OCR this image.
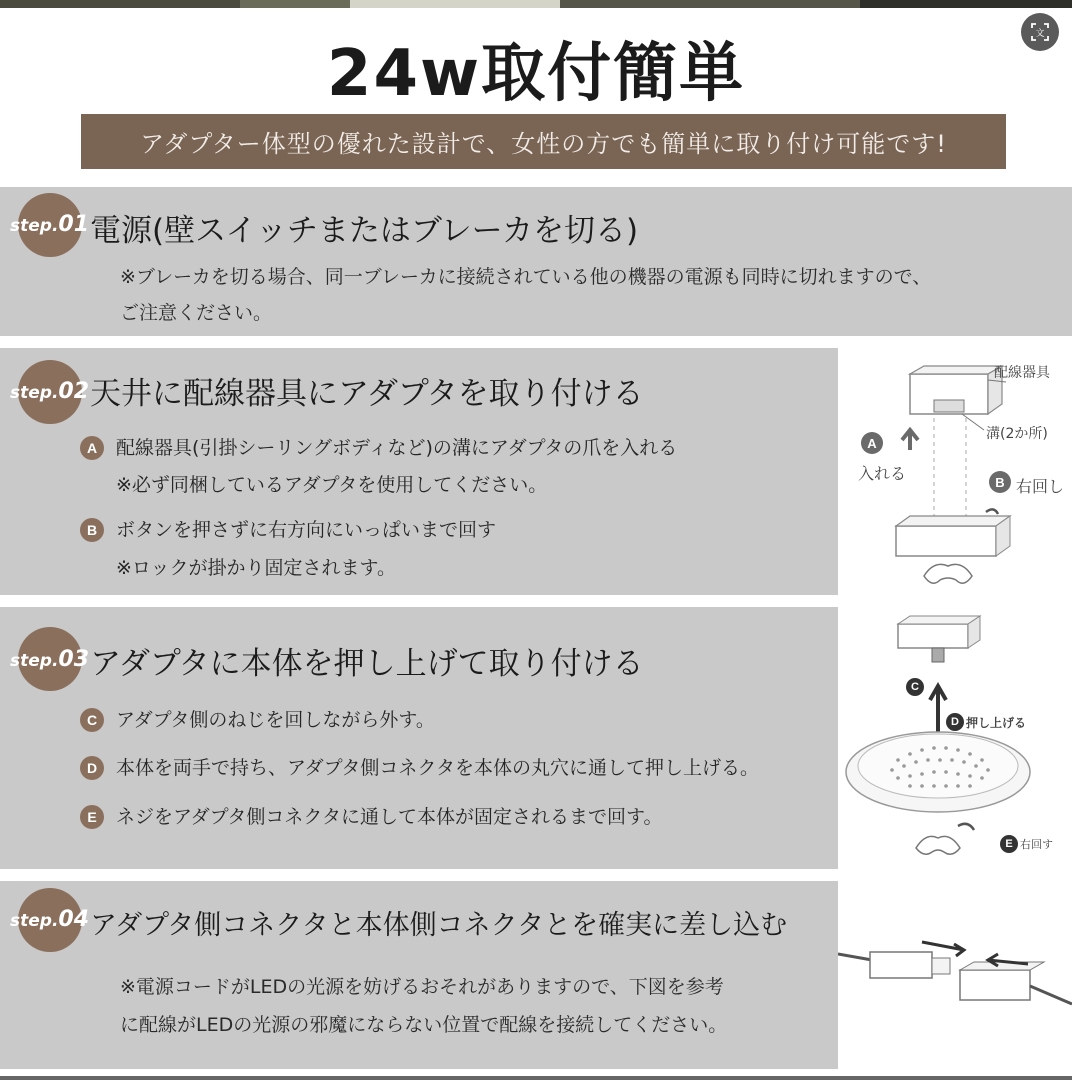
文
24w取付簡単
アダプター体型の優れた設計で、女性の方でも簡単に取り付け可能です!
step.01 電源(壁スイッチまたはブレーカを切る)
※ブレーカを切る場合、同一ブレーカに接続されている他の機器の電源も同時に切れますので、
ご注意ください。
step.02 天井に配線器具にアダプタを取り付ける
A 配線器具(引掛シーリングボディなど)の溝にアダプタの爪を入れる
※必ず同梱しているアダプタを使用してください。
B ボタンを押さずに右方向にいっぱいまで回す
※ロックが掛かり固定されます。
step.03 アダプタに本体を押し上げて取り付ける
C アダプタ側のねじを回しながら外す。
D 本体を両手で持ち、アダプタ側コネクタを本体の丸穴に通して押し上げる。
E	ネジをアダプタ側コネクタに通して本体が固定されるまで回す。
step.04 アダプタ側コネクタと本体側コネクタとを確実に差し込む
※電源コードがLEDの光源を妨げるおそれがありますので、下図を参考
に配線がLEDの光源の邪魔にならない位置で配線を接続してください。
配線器具
溝(2か所)
A
入れる	B 右回し
C
D 押し上げる
E 右回す
